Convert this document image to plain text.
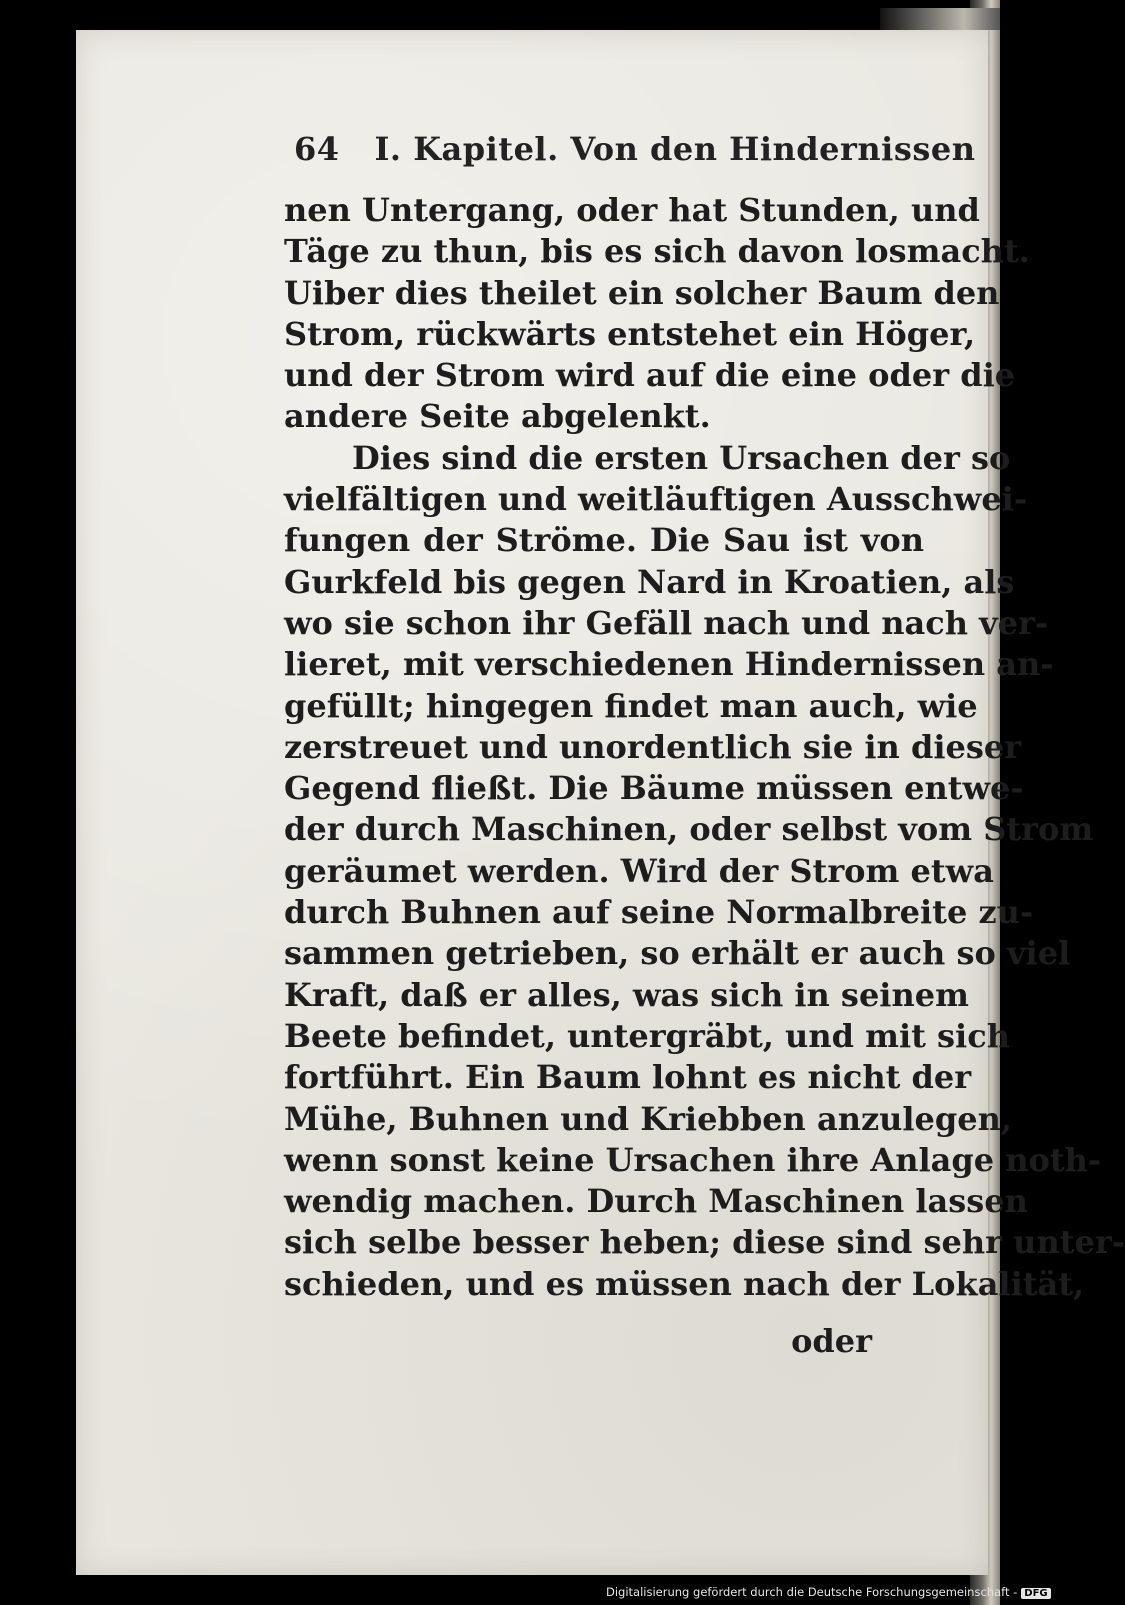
64 I. Kapitel. Von den Hindernissen
nen Untergang, oder hat Stunden, und
Täge zu thun, bis es sich davon losmacht.
Uiber dies theilet ein solcher Baum den
Strom, rückwärts entstehet ein Höger,
und der Strom wird auf die eine oder die
andere Seite abgelenkt.
Dies sind die ersten Ursachen der so
vielfältigen und weitläuftigen Ausschwei-
fungen der Ströme. Die Sau ist von
Gurkfeld bis gegen Nard in Kroatien, als
wo sie schon ihr Gefäll nach und nach ver-
lieret, mit verschiedenen Hindernissen an-
gefüllt; hingegen findet man auch, wie
zerstreuet und unordentlich sie in dieser
Gegend fließt. Die Bäume müssen entwe-
der durch Maschinen, oder selbst vom Strom
geräumet werden. Wird der Strom etwa
durch Buhnen auf seine Normalbreite zu-
sammen getrieben, so erhält er auch so viel
Kraft, daß er alles, was sich in seinem
Beete befindet, untergräbt, und mit sich
fortführt. Ein Baum lohnt es nicht der
Mühe, Buhnen und Kriebben anzulegen,
wenn sonst keine Ursachen ihre Anlage noth-
wendig machen. Durch Maschinen lassen
sich selbe besser heben; diese sind sehr unter-
schieden, und es müssen nach der Lokalität,
oder
Digitalisierung gefördert durch die Deutsche Forschungsgemeinschaft - DFG
